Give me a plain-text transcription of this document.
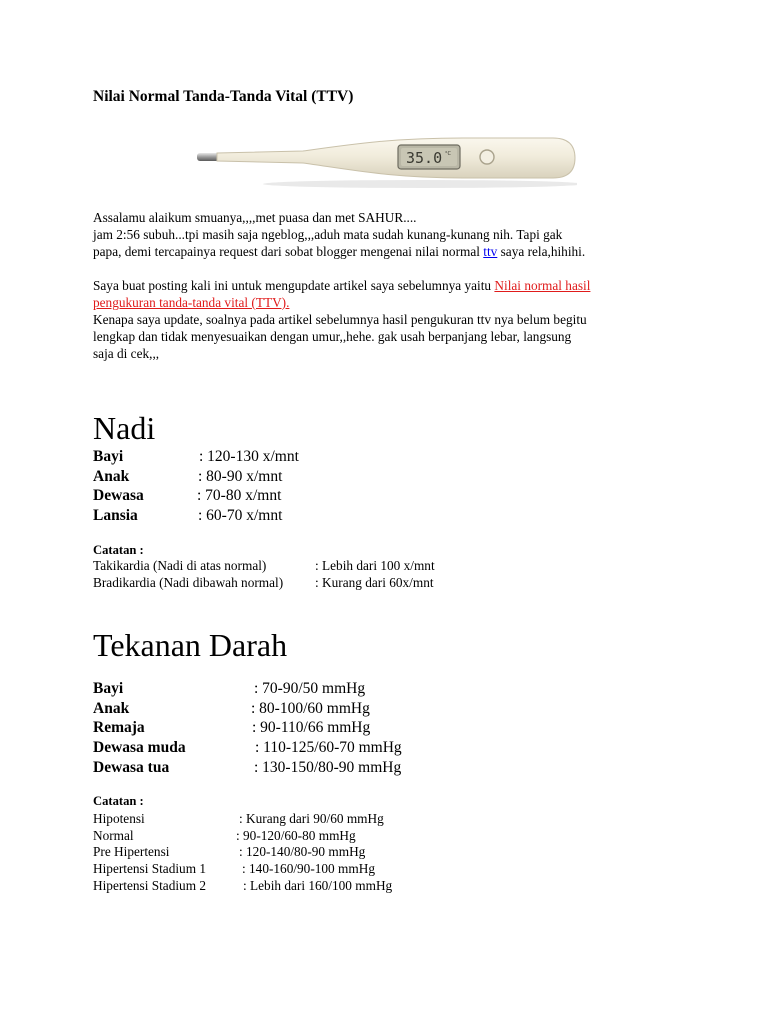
Nilai Normal Tanda-Tanda Vital (TTV)
35.0 °C
Assalamu alaikum smuanya,,,,met puasa dan met SAHUR....
jam 2:56 subuh...tpi masih saja ngeblog,,,aduh mata sudah kunang-kunang nih. Tapi gak
papa, demi tercapainya request dari sobat blogger mengenai nilai normal ttv saya rela,hihihi.
Saya buat posting kali ini untuk mengupdate artikel saya sebelumnya yaitu Nilai normal hasil
pengukuran tanda-tanda vital (TTV).
Kenapa saya update, soalnya pada artikel sebelumnya hasil pengukuran ttv nya belum begitu
lengkap dan tidak menyesuaikan dengan umur,,hehe. gak usah berpanjang lebar, langsung
saja di cek,,,
Nadi
Bayi	: 120-130 x/mnt
Anak	: 80-90 x/mnt
Dewasa	: 70-80 x/mnt
Lansia	: 60-70 x/mnt

Catatan :

Takikardia (Nadi di atas normal)	: Lebih dari 100 x/mnt
Bradikardia (Nadi dibawah normal) : Kurang dari 60x/mnt
Tekanan Darah
Bayi	: 70-90/50 mmHg
Anak	: 80-100/60 mmHg
Remaja	: 90-110/66 mmHg
Dewasa muda	: 110-125/60-70 mmHg
Dewasa tua	: 130-150/80-90 mmHg

Catatan :

Hipotensi	: Kurang dari 90/60 mmHg
Normal	: 90-120/60-80 mmHg
Pre Hipertensi	: 120-140/80-90 mmHg
Hipertensi Stadium 1	: 140-160/90-100 mmHg
Hipertensi Stadium 2	: Lebih dari 160/100 mmHg
